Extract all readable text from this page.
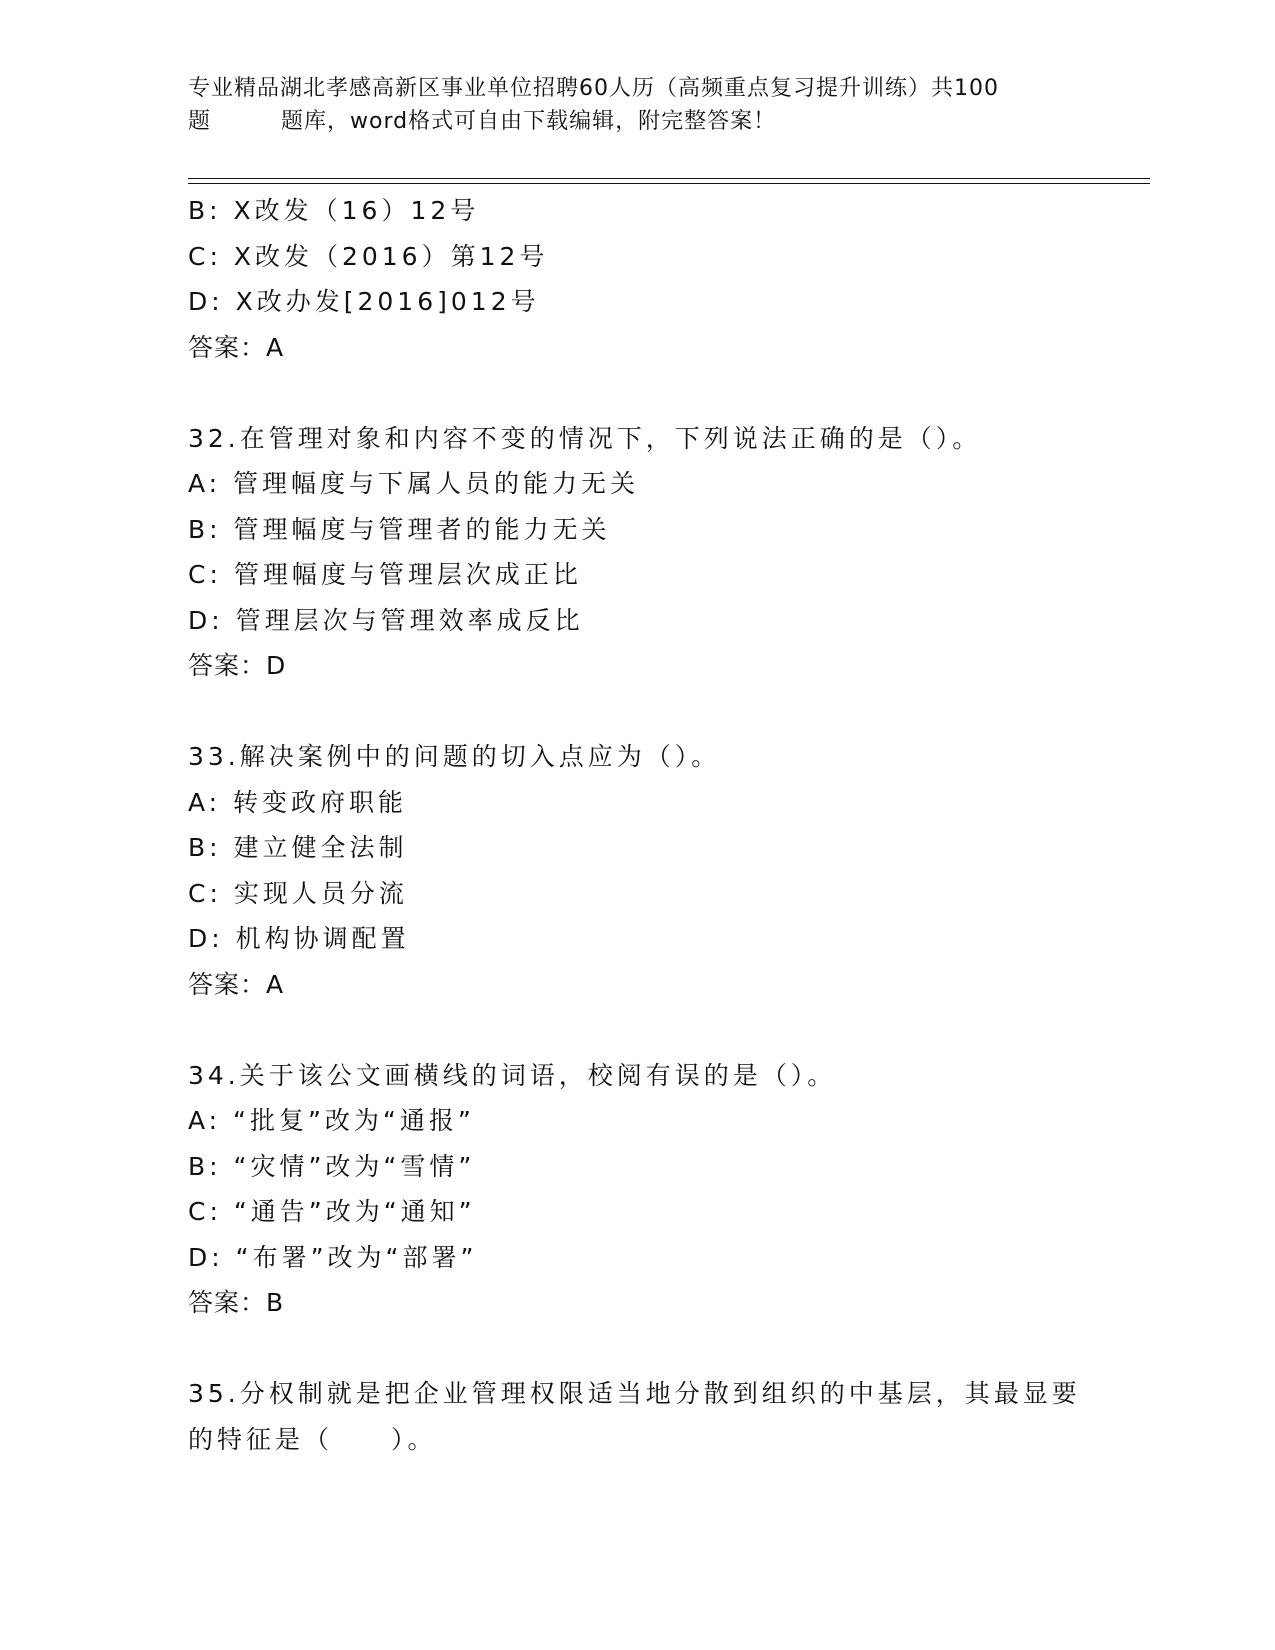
专业精品湖北孝感高新区事业单位招聘60人历（高频重点复习提升训练）共100
题	题库，word格式可自由下载编辑，附完整答案！
B: X改发（16）12号
C: X改发（2016）第12号
D: X改办发[2016]012号
答案：A
32.在管理对象和内容不变的情况下，下列说法正确的是（）。
A: 管理幅度与下属人员的能力无关
B: 管理幅度与管理者的能力无关
C: 管理幅度与管理层次成正比
D: 管理层次与管理效率成反比
答案：D
33.解决案例中的问题的切入点应为（）。
A: 转变政府职能
B: 建立健全法制
C: 实现人员分流
D: 机构协调配置
答案：A
34.关于该公文画横线的词语，校阅有误的是（）。
A: “批复”改为“通报”
B: “灾情”改为“雪情”
C: “通告”改为“通知”
D: “布署”改为“部署”
答案：B
35.分权制就是把企业管理权限适当地分散到组织的中基层，其最显要
的特征是（　　）。
